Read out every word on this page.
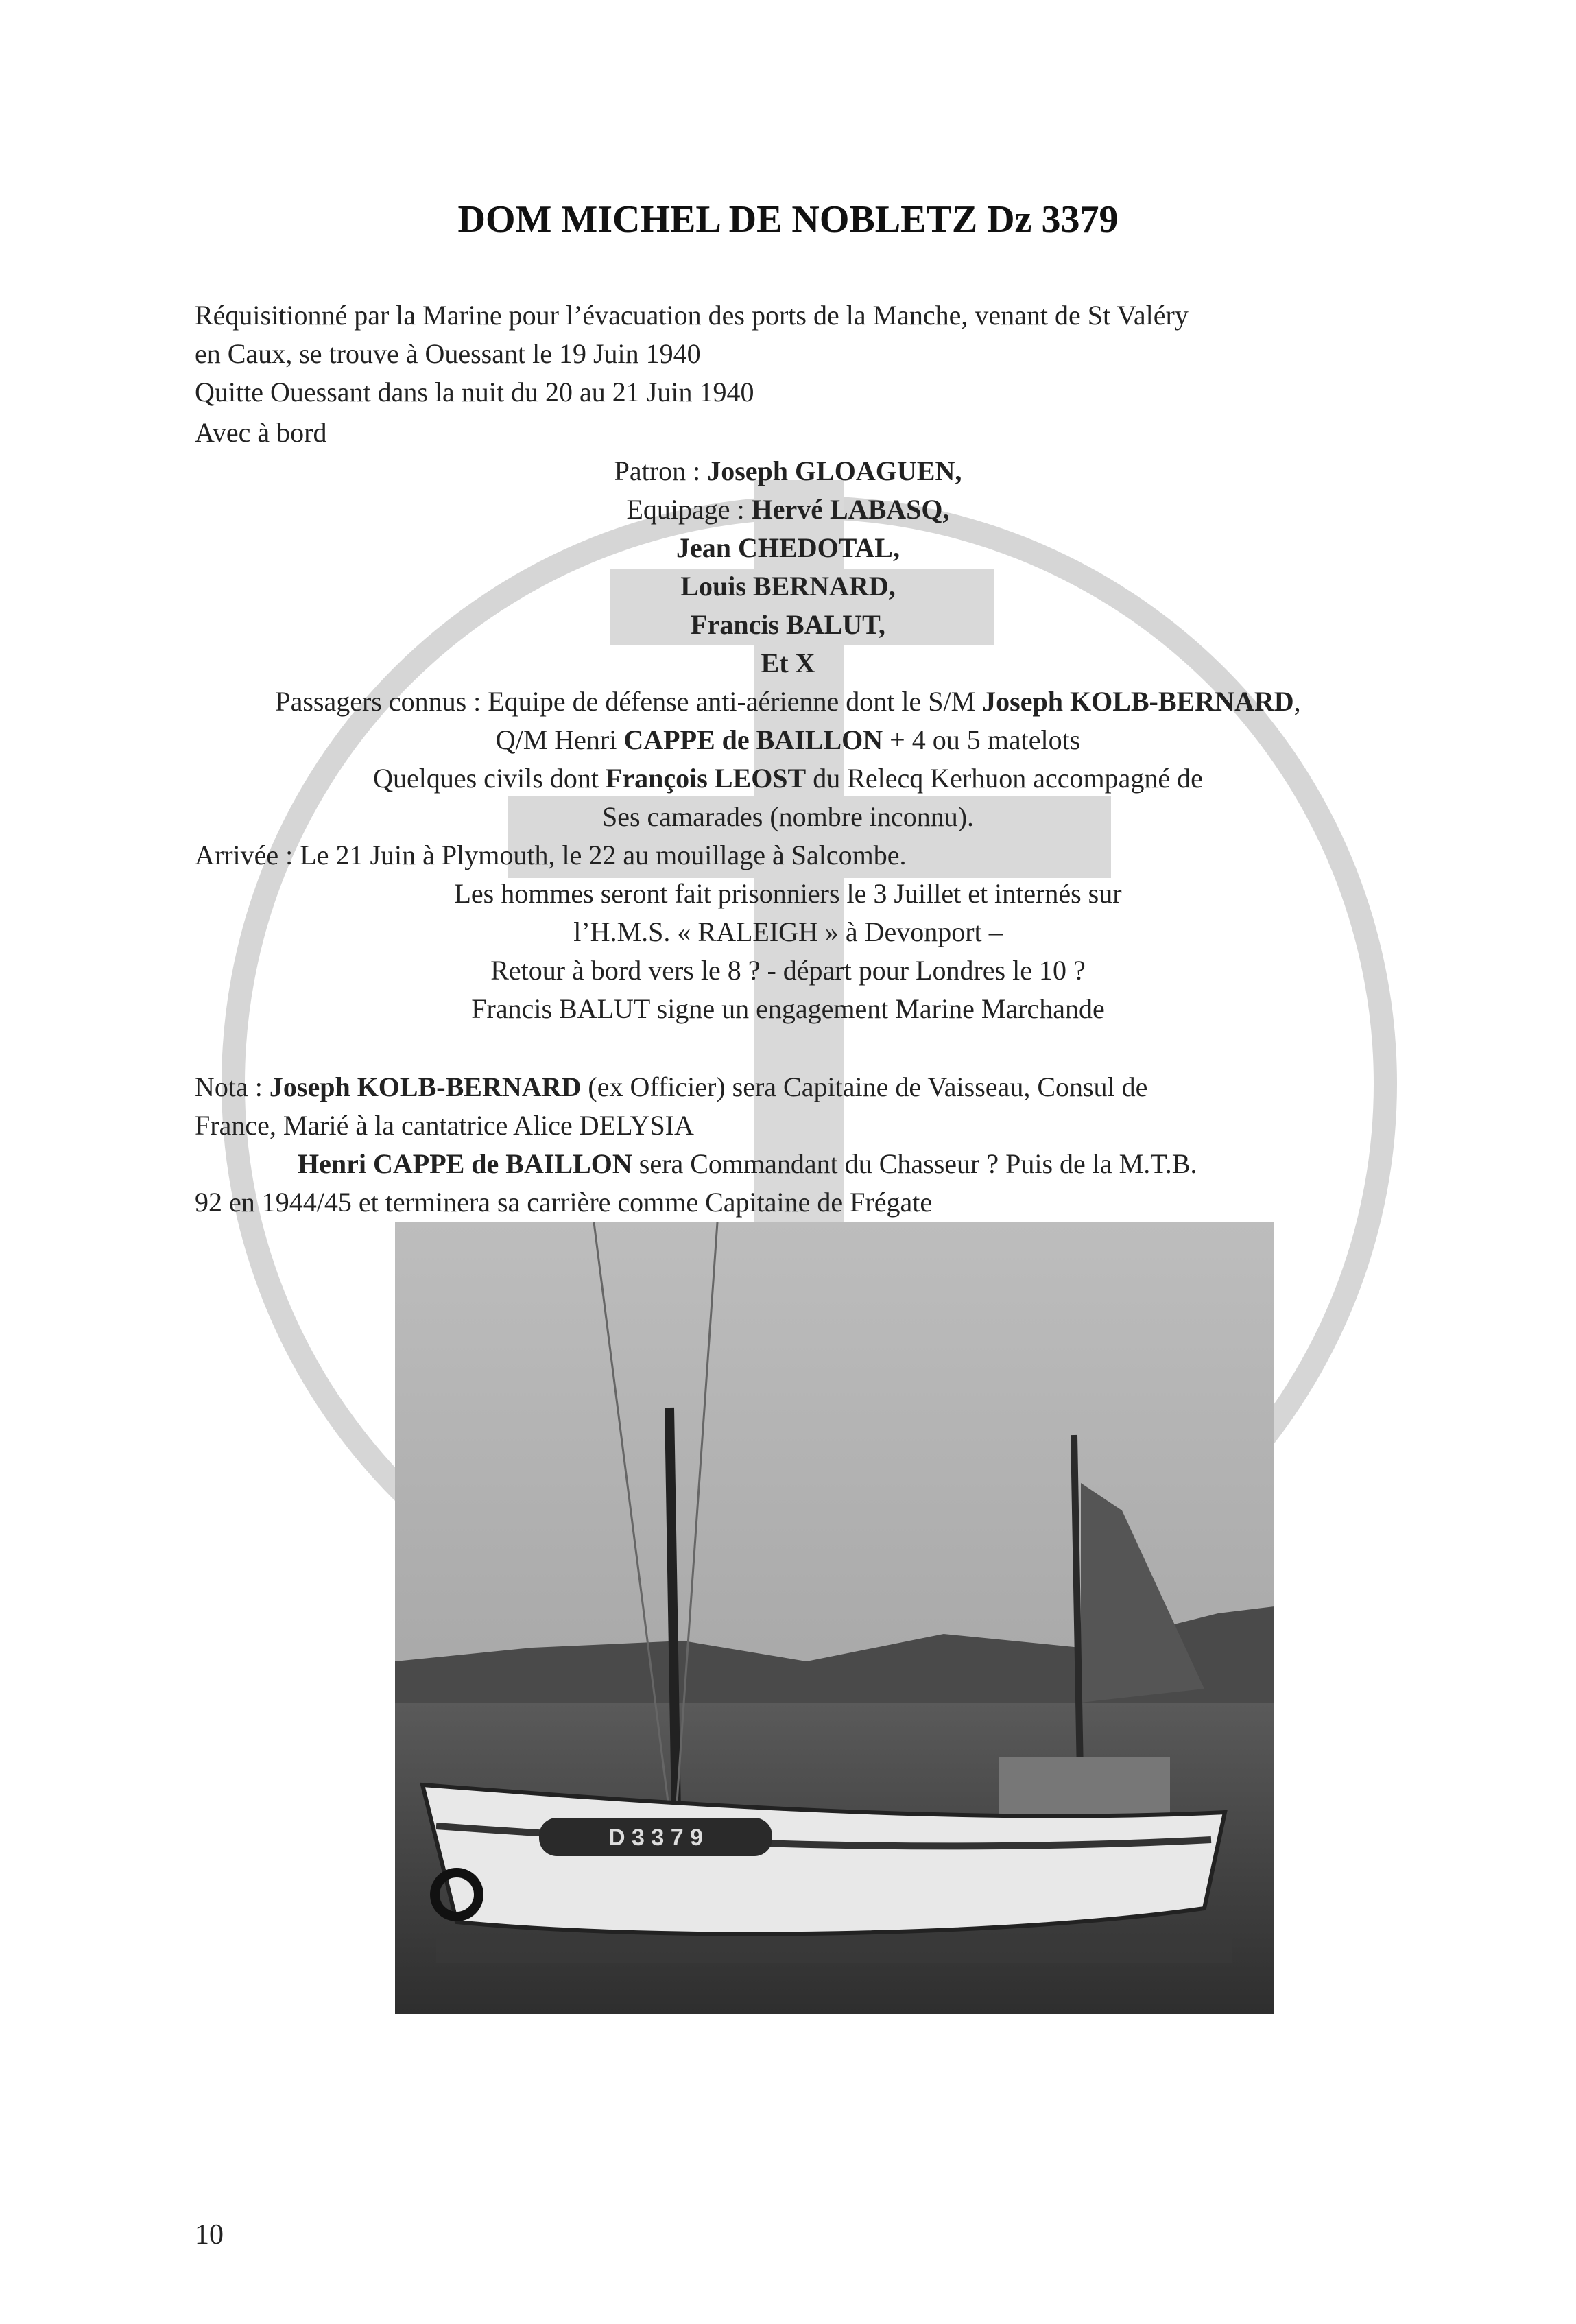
DOM MICHEL DE NOBLETZ Dz 3379
Réquisitionné par la Marine pour l’évacuation des ports de la Manche, venant de St Valéry
en Caux, se trouve à Ouessant le 19 Juin 1940
Quitte Ouessant dans la nuit du 20 au 21 Juin 1940
Avec à bord
Patron : Joseph GLOAGUEN,
Equipage : Hervé LABASQ,
Jean CHEDOTAL,
Louis BERNARD,
Francis BALUT,
Et X
Passagers connus : Equipe de défense anti-aérienne dont le S/M Joseph KOLB-BERNARD,
Q/M Henri CAPPE de BAILLON + 4 ou 5 matelots
Quelques civils dont François LEOST du Relecq Kerhuon accompagné de
Ses camarades (nombre inconnu).
Arrivée : Le 21 Juin à Plymouth, le 22 au mouillage à Salcombe.
Les hommes seront fait prisonniers le 3 Juillet et internés sur
l’H.M.S. « RALEIGH » à Devonport –
Retour à bord vers le 8 ? - départ pour Londres le 10 ?
Francis BALUT signe un engagement Marine Marchande
Nota : Joseph KOLB-BERNARD (ex Officier) sera Capitaine de Vaisseau, Consul de
France, Marié à la cantatrice Alice DELYSIA
Henri CAPPE de BAILLON sera Commandant du Chasseur ? Puis de la M.T.B.
92 en 1944/45 et terminera sa carrière comme Capitaine de Frégate
D 3 3 7 9
10
